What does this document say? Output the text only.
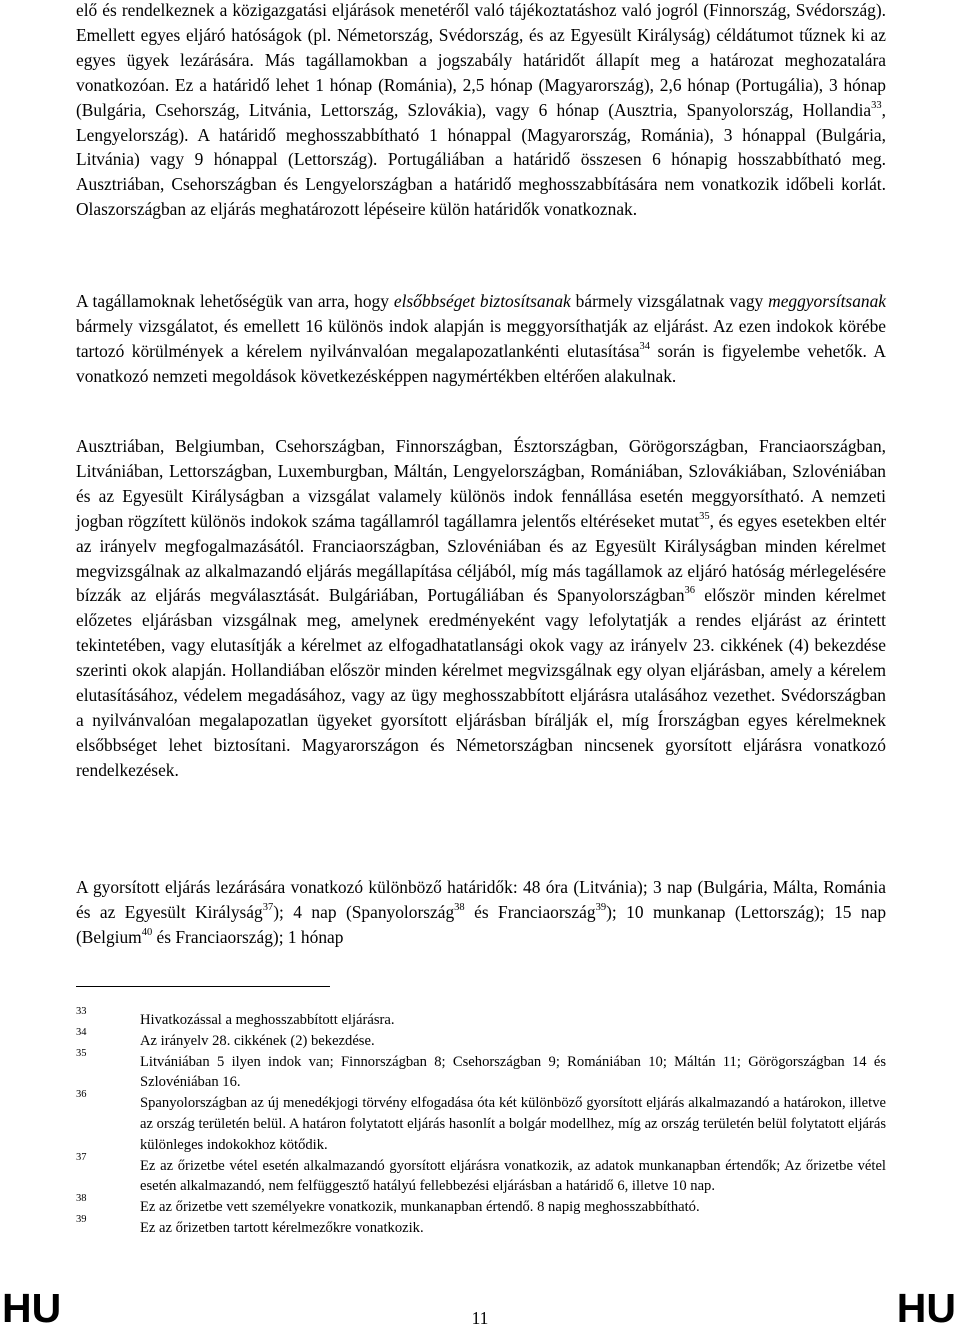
elő és rendelkeznek a közigazgatási eljárások menetéről való tájékoztatáshoz való jogról (Finnország, Svédország). Emellett egyes eljáró hatóságok (pl. Németország, Svédország, és az Egyesült Királyság) céldátumot tűznek ki az egyes ügyek lezárására. Más tagállamokban a jogszabály határidőt állapít meg a határozat meghozatalára vonatkozóan. Ez a határidő lehet 1 hónap (Románia), 2,5 hónap (Magyarország), 2,6 hónap (Portugália), 3 hónap (Bulgária, Csehország, Litvánia, Lettország, Szlovákia), vagy 6 hónap (Ausztria, Spanyolország, Hollandia$^{33}$, Lengyelország). A határidő meghosszabbítható 1 hónappal (Magyarország, Románia), 3 hónappal (Bulgária, Litvánia) vagy 9 hónappal (Lettország). Portugáliában a határidő összesen 6 hónapig hosszabbítható meg. Ausztriában, Csehországban és Lengyelországban a határidő meghosszabbítására nem vonatkozik időbeli korlát. Olaszországban az eljárás meghatározott lépéseire külön határidők vonatkoznak.

A tagállamoknak lehetőségük van arra, hogy elsőbbséget biztosítsanak bármely vizsgálatnak vagy meggyorsítsanak bármely vizsgálatot, és emellett 16 különös indok alapján is meggyorsíthatják az eljárást. Az ezen indokok körébe tartozó körülmények a kérelem nyilvánvalóan megalapozatlankénti elutasítása$^{34}$ során is figyelembe vehetők. A vonatkozó nemzeti megoldások következésképpen nagymértékben eltérően alakulnak.

Ausztriában, Belgiumban, Csehországban, Finnországban, Észtországban, Görögországban, Franciaországban, Litvániában, Lettországban, Luxemburgban, Máltán, Lengyelországban, Romániában, Szlovákiában, Szlovéniában és az Egyesült Királyságban a vizsgálat valamely különös indok fennállása esetén meggyorsítható. A nemzeti jogban rögzített különös indokok száma tagállamról tagállamra jelentős eltéréseket mutat$^{35}$, és egyes esetekben eltér az irányelv megfogalmazásától. Franciaországban, Szlovéniában és az Egyesült Királyságban minden kérelmet megvizsgálnak az alkalmazandó eljárás megállapítása céljából, míg más tagállamok az eljáró hatóság mérlegelésére bízzák az eljárás megválasztását. Bulgáriában, Portugáliában és Spanyolországban$^{36}$ először minden kérelmet előzetes eljárásban vizsgálnak meg, amelynek eredményeként vagy lefolytatják a rendes eljárást az érintett tekintetében, vagy elutasítják a kérelmet az elfogadhatatlansági okok vagy az irányelv 23. cikkének (4) bekezdése szerinti okok alapján. Hollandiában először minden kérelmet megvizsgálnak egy olyan eljárásban, amely a kérelem elutasításához, védelem megadásához, vagy az ügy meghosszabbított eljárásra utalásához vezethet. Svédországban a nyilvánvalóan megalapozatlan ügyeket gyorsított eljárásban bírálják el, míg Írországban egyes kérelmeknek elsőbbséget lehet biztosítani. Magyarországon és Németországban nincsenek gyorsított eljárásra vonatkozó rendelkezések.

A gyorsított eljárás lezárására vonatkozó különböző határidők: 48 óra (Litvánia); 3 nap (Bulgária, Málta, Románia és az Egyesült Királyság$^{37}$); 4 nap (Spanyolország$^{38}$ és Franciaország$^{39}$); 10 munkanap (Lettország); 15 nap (Belgium$^{40}$ és Franciaország); 1 hónap

33
Hivatkozással a meghosszabbított eljárásra.
34
Az irányelv 28. cikkének (2) bekezdése.
35
Litvániában 5 ilyen indok van; Finnországban 8; Csehországban 9; Romániában 10; Máltán 11; Görögországban 14 és Szlovéniában 16.
36
Spanyolországban az új menedékjogi törvény elfogadása óta két különböző gyorsított eljárás alkalmazandó a határokon, illetve az ország területén belül. A határon folytatott eljárás hasonlít a bolgár modellhez, míg az ország területén belül folytatott eljárás különleges indokokhoz kötődik.
37
Ez az őrizetbe vétel esetén alkalmazandó gyorsított eljárásra vonatkozik, az adatok munkanapban értendők; Az őrizetbe vétel esetén alkalmazandó, nem felfüggesztő hatályú fellebbezési eljárásban a határidő 6, illetve 10 nap.
38
Ez az őrizetbe vett személyekre vonatkozik, munkanapban értendő. 8 napig meghosszabbítható.
39
Ez az őrizetben tartott kérelmezőkre vonatkozik.
HU	11	HU
